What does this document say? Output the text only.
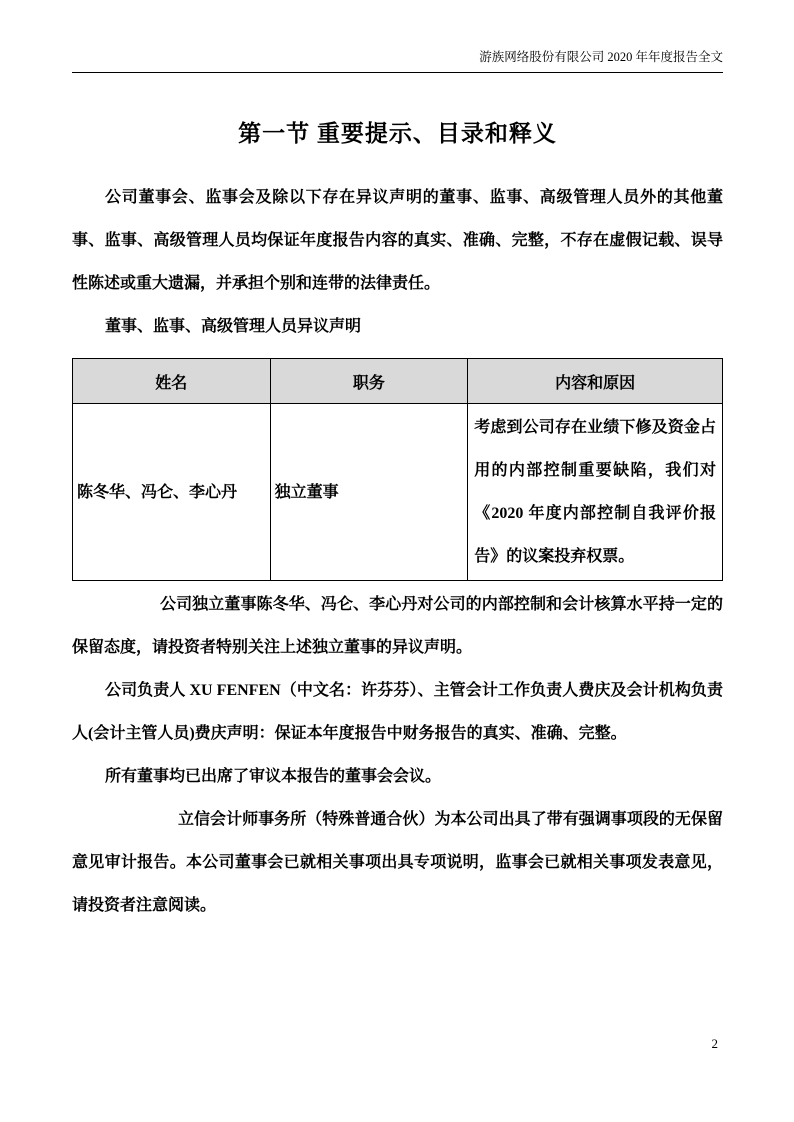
游族网络股份有限公司 2020 年年度报告全文
第一节 重要提示、目录和释义

公司董事会、监事会及除以下存在异议声明的董事、监事、高级管理人员外的其他董事、监事、高级管理人员均保证年度报告内容的真实、准确、完整，不存在虚假记载、误导性陈述或重大遗漏，并承担个别和连带的法律责任。

董事、监事、高级管理人员异议声明

姓名	职务	内容和原因
陈冬华、冯仑、李心丹	独立董事	考虑到公司存在业绩下修及资金占用的内部控制重要缺陷，我们对《2020 年度内部控制自我评价报告》的议案投弃权票。

公司独立董事陈冬华、冯仑、李心丹对公司的内部控制和会计核算水平持一定的保留态度，请投资者特别关注上述独立董事的异议声明。

公司负责人 XU FENFEN（中文名：许芬芬）、主管会计工作负责人费庆及会计机构负责人(会计主管人员)费庆声明：保证本年度报告中财务报告的真实、准确、完整。

所有董事均已出席了审议本报告的董事会会议。

立信会计师事务所（特殊普通合伙）为本公司出具了带有强调事项段的无保留意见审计报告。本公司董事会已就相关事项出具专项说明，监事会已就相关事项发表意见，请投资者注意阅读。

2
